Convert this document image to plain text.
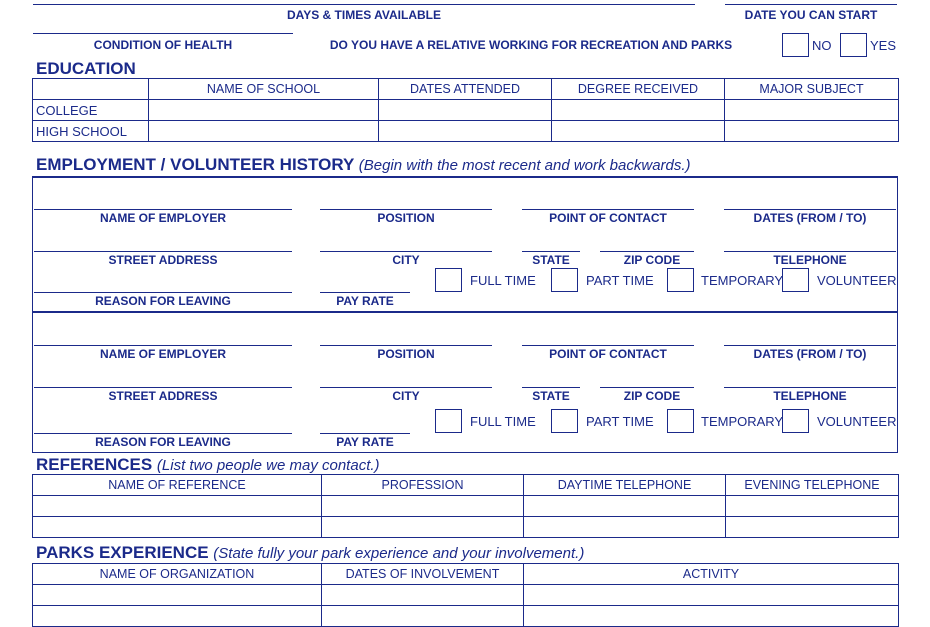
DAYS & TIMES AVAILABLE	DATE YOU CAN START
CONDITION OF HEALTH	DO YOU HAVE A RELATIVE WORKING FOR RECREATION AND PARKS	NO	YES
EDUCATION
	NAME OF SCHOOL	DATES ATTENDED	DEGREE RECEIVED	MAJOR SUBJECT
COLLEGE				
HIGH SCHOOL				
EMPLOYMENT / VOLUNTEER HISTORY (Begin with the most recent and work backwards.)
NAME OF EMPLOYER	POSITION	POINT OF CONTACT	DATES (FROM / TO)
STREET ADDRESS	CITY	STATE	ZIP CODE	TELEPHONE
FULL TIME	PART TIME	TEMPORARY	VOLUNTEER
REASON FOR LEAVING	PAY RATE
NAME OF EMPLOYER	POSITION	POINT OF CONTACT	DATES (FROM / TO)
STREET ADDRESS	CITY	STATE	ZIP CODE	TELEPHONE
FULL TIME	PART TIME	TEMPORARY	VOLUNTEER
REASON FOR LEAVING	PAY RATE
REFERENCES (List two people we may contact.)
NAME OF REFERENCE	PROFESSION	DAYTIME TELEPHONE	EVENING TELEPHONE

PARKS EXPERIENCE (State fully your park experience and your involvement.)
NAME OF ORGANIZATION	DATES OF INVOLVEMENT	ACTIVITY
